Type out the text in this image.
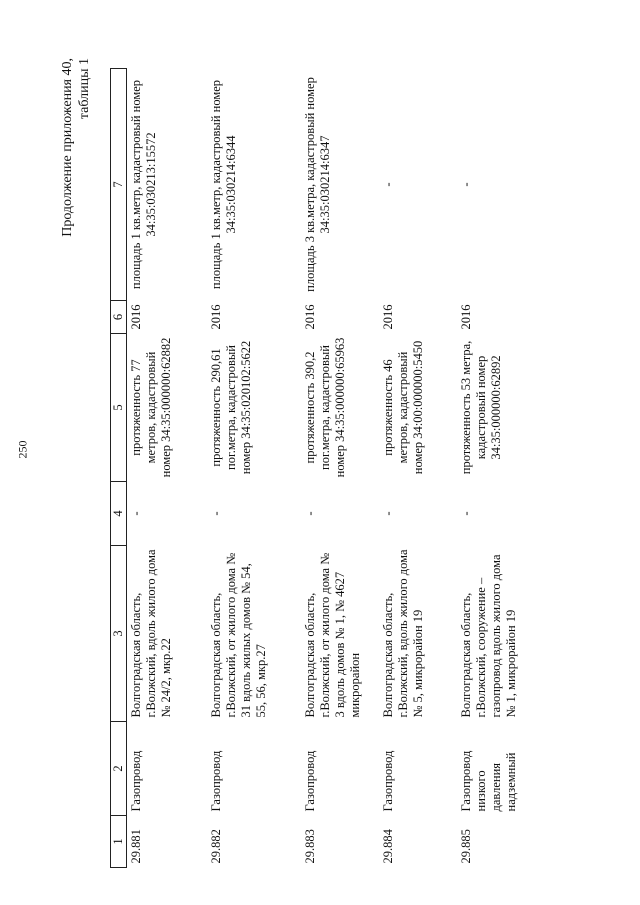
250
Продолжение приложения 40, таблицы 1
1	2	3	4	5	6	7
29.881	Газопровод	Волгоградская область, г.Волжский, вдоль жилого дома № 24/2, мкр.22	-	протяженность 77 метров, кадастровый номер 34:35:000000:62882	2016	площадь 1 кв.метр, кадастровый номер 34:35:030213:15572
29.882	Газопровод	Волгоградская область, г.Волжский, от жилого дома № 31 вдоль жилых домов № 54, 55, 56, мкр.27	-	протяженность 290,61 пог.метра, кадастровый номер 34:35:020102:5622	2016	площадь 1 кв.метр, кадастровый номер 34:35:030214:6344
29.883	Газопровод	Волгоградская область, г.Волжский, от жилого дома № 3 вдоль домов № 1, № 4627 микрорайон	-	протяженность 390,2 пог.метра, кадастровый номер 34:35:000000:65963	2016	площадь 3 кв.метра, кадастровый номер 34:35:030214:6347
29.884	Газопровод	Волгоградская область, г.Волжский, вдоль жилого дома № 5, микрорайон 19	-	протяженность 46 метров, кадастровый номер 34:00:000000:5450	2016	-
29.885	Газопровод низкого давления надземный	Волгоградская область, г.Волжский, сооружение – газопровод вдоль жилого дома № 1, микрорайон 19	-	протяженность 53 метра, кадастровый номер 34:35:000000:62892	2016	-
